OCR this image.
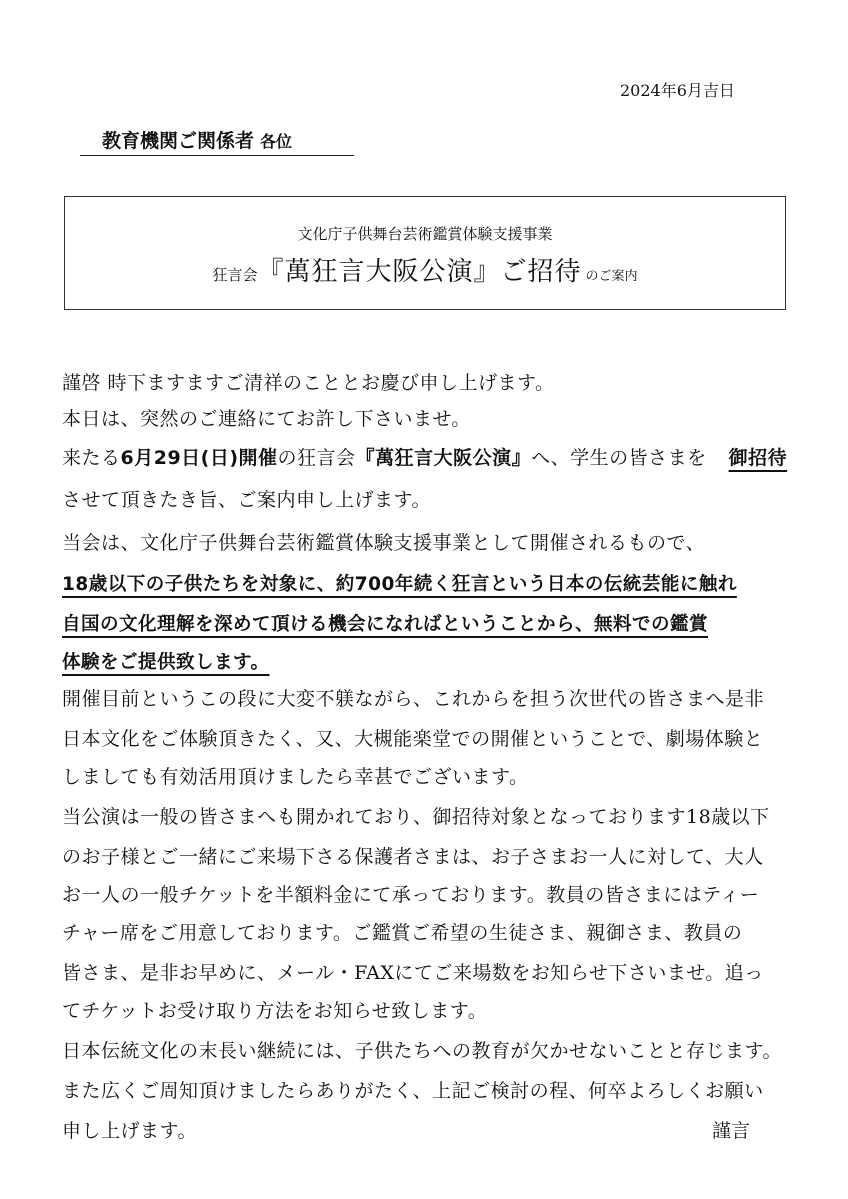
2024年6月吉日
教育機関ご関係者 各位
文化庁子供舞台芸術鑑賞体験支援事業
狂言会『萬狂言大阪公演』ご招待 のご案内
謹啓 時下ますますご清祥のこととお慶び申し上げます。
本日は、突然のご連絡にてお許し下さいませ。
来たる6月29日(日)開催の狂言会『萬狂言大阪公演』へ、学生の皆さまを 御招待
させて頂きたき旨、ご案内申し上げます。
当会は、文化庁子供舞台芸術鑑賞体験支援事業として開催されるもので、
18歳以下の子供たちを対象に、約700年続く狂言という日本の伝統芸能に触れ
自国の文化理解を深めて頂ける機会になればということから、無料での鑑賞
体験をご提供致します。
開催目前というこの段に大変不躾ながら、これからを担う次世代の皆さまへ是非
日本文化をご体験頂きたく、又、大槻能楽堂での開催ということで、劇場体験と
しましても有効活用頂けましたら幸甚でございます。
当公演は一般の皆さまへも開かれており、御招待対象となっております18歳以下
のお子様とご一緒にご来場下さる保護者さまは、お子さまお一人に対して、大人
お一人の一般チケットを半額料金にて承っております。教員の皆さまにはティー
チャー席をご用意しております。ご鑑賞ご希望の生徒さま、親御さま、教員の
皆さま、是非お早めに、メール・FAXにてご来場数をお知らせ下さいませ。追っ
てチケットお受け取り方法をお知らせ致します。
日本伝統文化の末長い継続には、子供たちへの教育が欠かせないことと存じます。
また広くご周知頂けましたらありがたく、上記ご検討の程、何卒よろしくお願い
申し上げます。	謹言
